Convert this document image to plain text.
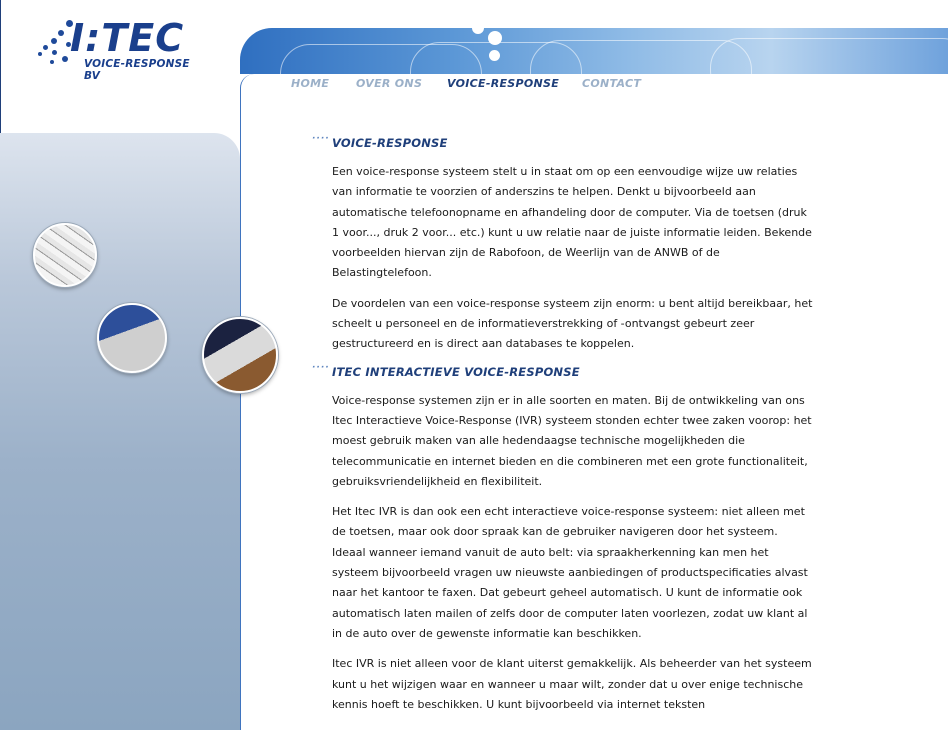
I:TEC
VOICE-RESPONSE BV
HOME OVER ONS VOICE-RESPONSE CONTACT
···· VOICE-RESPONSE

Een voice-response systeem stelt u in staat om op een eenvoudige wijze uw relaties van informatie te voorzien of anderszins te helpen. Denkt u bijvoorbeeld aan automatische telefoonopname en afhandeling door de computer. Via de toetsen (druk 1 voor..., druk 2 voor... etc.) kunt u uw relatie naar de juiste informatie leiden. Bekende voorbeelden hiervan zijn de Rabofoon, de Weerlijn van de ANWB of de Belastingtelefoon.

De voordelen van een voice-response systeem zijn enorm: u bent altijd bereikbaar, het scheelt u personeel en de informatieverstrekking of -ontvangst gebeurt zeer gestructureerd en is direct aan databases te koppelen.

···· ITEC INTERACTIEVE VOICE-RESPONSE

Voice-response systemen zijn er in alle soorten en maten. Bij de ontwikkeling van ons Itec Interactieve Voice-Response (IVR) systeem stonden echter twee zaken voorop: het moest gebruik maken van alle hedendaagse technische mogelijkheden die telecommunicatie en internet bieden en die combineren met een grote functionaliteit, gebruiksvriendelijkheid en flexibiliteit.

Het Itec IVR is dan ook een echt interactieve voice-response systeem: niet alleen met de toetsen, maar ook door spraak kan de gebruiker navigeren door het systeem. Ideaal wanneer iemand vanuit de auto belt: via spraakherkenning kan men het systeem bijvoorbeeld vragen uw nieuwste aanbiedingen of productspecificaties alvast naar het kantoor te faxen. Dat gebeurt geheel automatisch. U kunt de informatie ook automatisch laten mailen of zelfs door de computer laten voorlezen, zodat uw klant al in de auto over de gewenste informatie kan beschikken.

Itec IVR is niet alleen voor de klant uiterst gemakkelijk. Als beheerder van het systeem kunt u het wijzigen waar en wanneer u maar wilt, zonder dat u over enige technische kennis hoeft te beschikken. U kunt bijvoorbeeld via internet teksten
